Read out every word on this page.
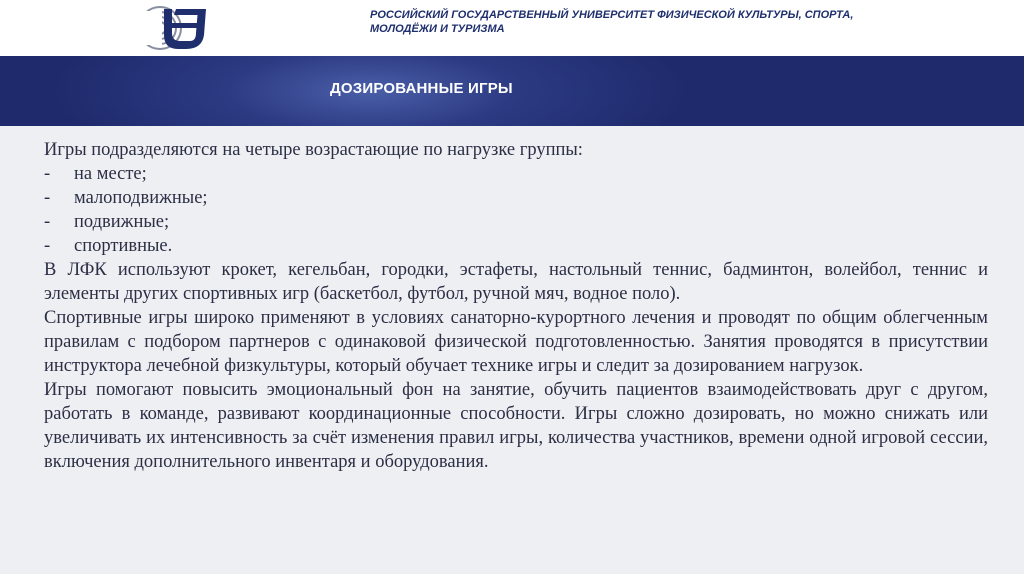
РОССИЙСКИЙ ГОСУДАРСТВЕННЫЙ УНИВЕРСИТЕТ ФИЗИЧЕСКОЙ КУЛЬТУРЫ, СПОРТА,
МОЛОДЁЖИ И ТУРИЗМА
ДОЗИРОВАННЫЕ ИГРЫ

Игры подразделяются на четыре возрастающие по нагрузке группы:

-	на месте;
-	малоподвижные;
-	подвижные;
-	спортивные.

В ЛФК используют крокет, кегельбан, городки, эстафеты, настольный теннис, бадминтон, волейбол, теннис и элементы других спортивных игр (баскетбол, футбол, ручной мяч, водное поло).

Спортивные игры широко применяют в условиях санаторно-курортного лечения и проводят по общим облегченным правилам с подбором партнеров с одинаковой физической подготовленностью. Занятия проводятся в присутствии инструктора лечебной физкультуры, который обучает технике игры и следит за дозированием нагрузок.

Игры помогают повысить эмоциональный фон на занятие, обучить пациентов взаимодействовать друг с другом, работать в команде, развивают координационные способности. Игры сложно дозировать, но можно снижать или увеличивать их интенсивность за счёт изменения правил игры, количества участников, времени одной игровой сессии, включения дополнительного инвентаря и оборудования.
